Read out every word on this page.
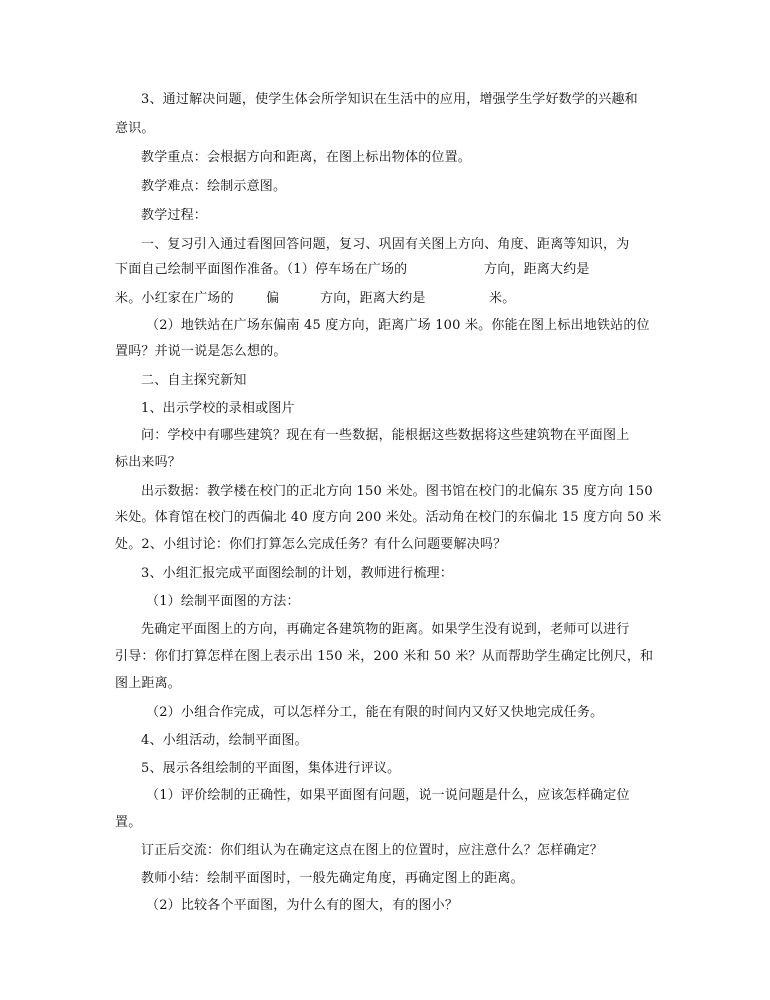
3、通过解决问题，使学生体会所学知识在生活中的应用，增强学生学好数学的兴趣和
意识。
教学重点：会根据方向和距离，在图上标出物体的位置。
教学难点：绘制示意图。
教学过程：
一、复习引入通过看图回答问题，复习、巩固有关图上方向、角度、距离等知识，为
下面自己绘制平面图作准备。（1）停车场在广场的	方向，距离大约是
米。小红家在广场的 偏	方向，距离大约是	米。
（2）地铁站在广场东偏南 45 度方向，距离广场 100 米。你能在图上标出地铁站的位
置吗？并说一说是怎么想的。
二、自主探究新知
1、出示学校的录相或图片
问：学校中有哪些建筑？现在有一些数据，能根据这些数据将这些建筑物在平面图上
标出来吗？
出示数据：教学楼在校门的正北方向 150 米处。图书馆在校门的北偏东 35 度方向 150
米处。体育馆在校门的西偏北 40 度方向 200 米处。活动角在校门的东偏北 15 度方向 50 米
处。2、小组讨论：你们打算怎么完成任务？有什么问题要解决吗？
3、小组汇报完成平面图绘制的计划，教师进行梳理：
（1）绘制平面图的方法：
先确定平面图上的方向，再确定各建筑物的距离。如果学生没有说到，老师可以进行
引导：你们打算怎样在图上表示出 150 米，200 米和 50 米？从而帮助学生确定比例尺，和
图上距离。
（2）小组合作完成，可以怎样分工，能在有限的时间内又好又快地完成任务。
4、小组活动，绘制平面图。
5、展示各组绘制的平面图，集体进行评议。
（1）评价绘制的正确性，如果平面图有问题，说一说问题是什么，应该怎样确定位
置。
订正后交流：你们组认为在确定这点在图上的位置时，应注意什么？怎样确定？
教师小结：绘制平面图时，一般先确定角度，再确定图上的距离。
（2）比较各个平面图，为什么有的图大，有的图小？
